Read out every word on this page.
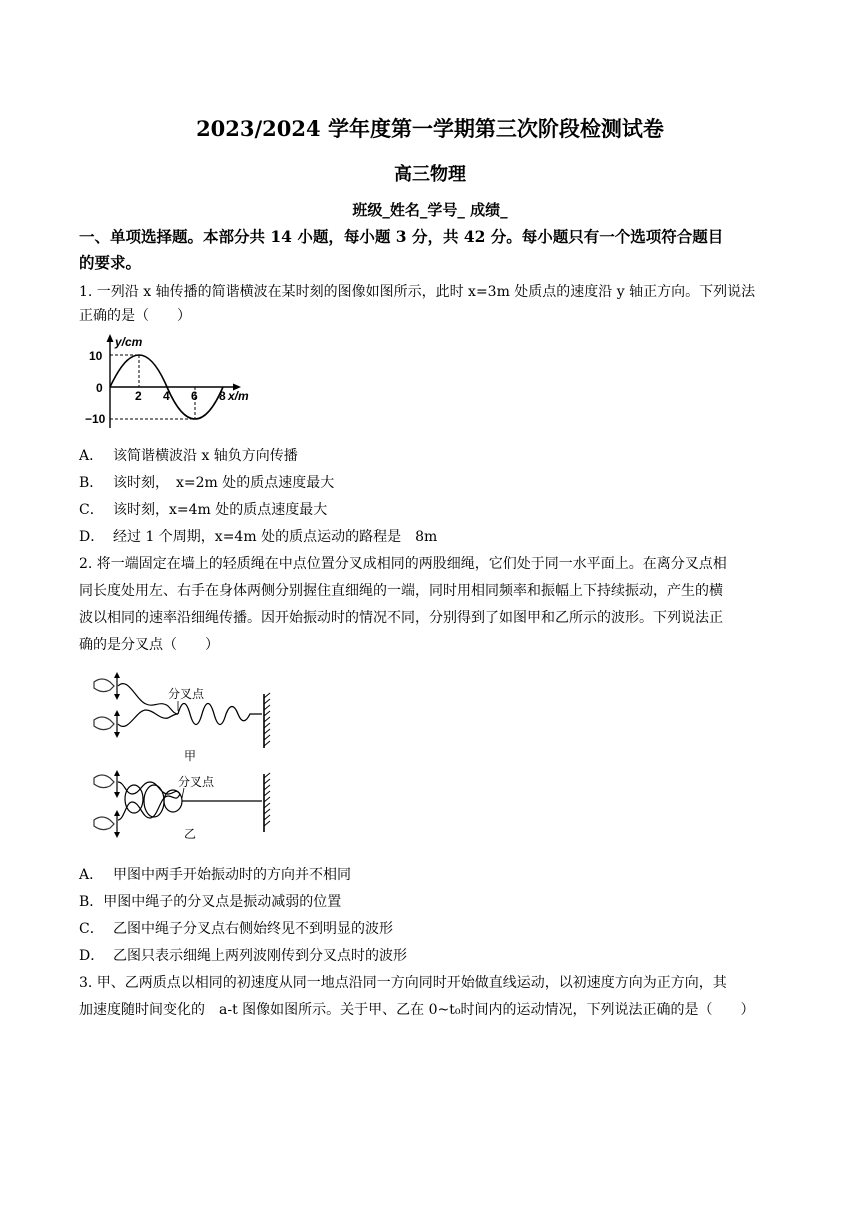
2023/2024 学年度第一学期第三次阶段检测试卷
高三物理
班级_姓名_学号_ 成绩_
一、单项选择题。本部分共 14 小题，每小题 3 分，共 42 分。每小题只有一个选项符合题目
的要求。
1. 一列沿 x 轴传播的简谐横波在某时刻的图像如图所示，此时 x=3m 处质点的速度沿 y 轴正方向。下列说法
正确的是（　　）
y/cm
10
0
−10
2 4 6 8 x/m
A． 该简谐横波沿 x 轴负方向传播
B． 该时刻，　x=2m 处的质点速度最大
C． 该时刻，x=4m 处的质点速度最大
D． 经过 1 个周期，x=4m 处的质点运动的路程是　8m
2. 将一端固定在墙上的轻质绳在中点位置分叉成相同的两股细绳，它们处于同一水平面上。在离分叉点相
同长度处用左、右手在身体两侧分别握住直细绳的一端，同时用相同频率和振幅上下持续振动，产生的横
波以相同的速率沿细绳传播。因开始振动时的情况不同，分别得到了如图甲和乙所示的波形。下列说法正
确的是分叉点（　　）
分叉点
甲
分叉点
乙
A． 甲图中两手开始振动时的方向并不相同
B．甲图中绳子的分叉点是振动减弱的位置
C． 乙图中绳子分叉点右侧始终见不到明显的波形
D． 乙图只表示细绳上两列波刚传到分叉点时的波形
3. 甲、乙两质点以相同的初速度从同一地点沿同一方向同时开始做直线运动，以初速度方向为正方向，其
加速度随时间变化的　a-t 图像如图所示。关于甲、乙在 0~t₀时间内的运动情况，下列说法正确的是（　　）
